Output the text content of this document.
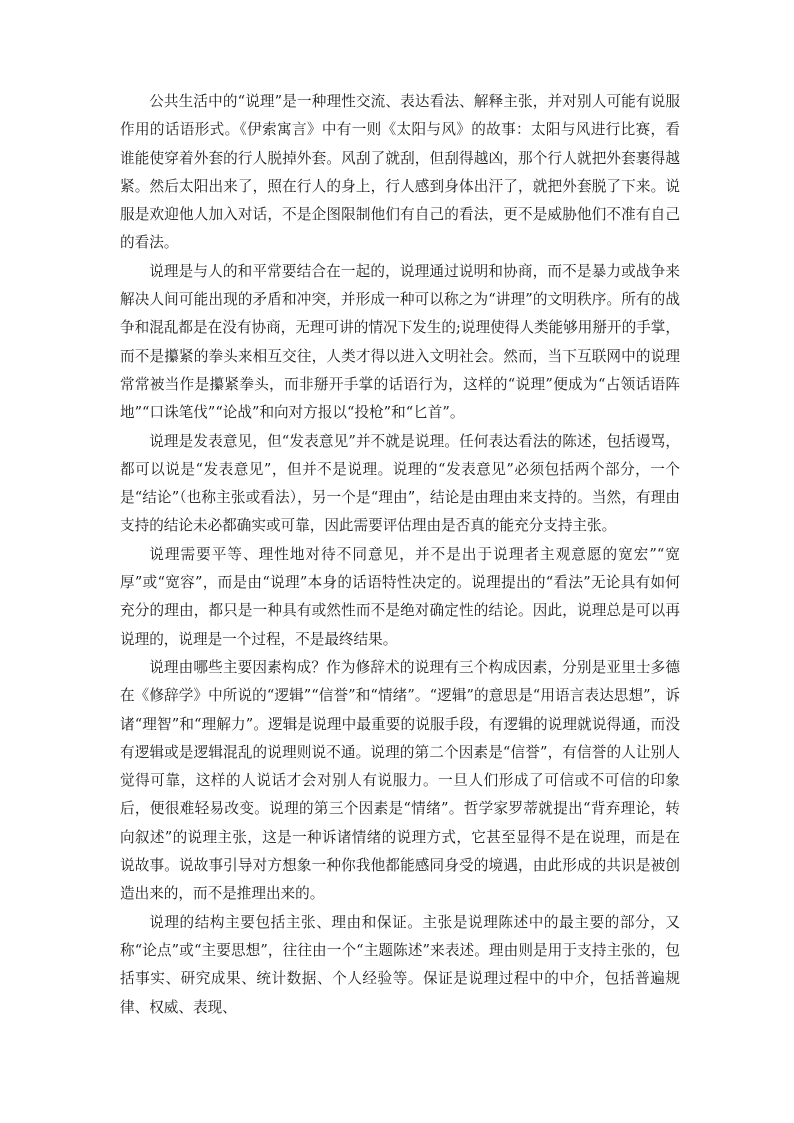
公共生活中的“说理”是一种理性交流、表达看法、解释主张，并对别人可能有说服作用的话语形式。《伊索寓言》中有一则《太阳与风》的故事：太阳与风进行比赛，看谁能使穿着外套的行人脱掉外套。风刮了就刮，但刮得越凶，那个行人就把外套裹得越紧。然后太阳出来了，照在行人的身上，行人感到身体出汗了，就把外套脱了下来。说服是欢迎他人加入对话，不是企图限制他们有自己的看法，更不是威胁他们不准有自己的看法。

说理是与人的和平常要结合在一起的，说理通过说明和协商，而不是暴力或战争来解决人间可能出现的矛盾和冲突，并形成一种可以称之为“讲理”的文明秩序。所有的战争和混乱都是在没有协商，无理可讲的情况下发生的;说理使得人类能够用掰开的手掌，而不是攥紧的拳头来相互交往，人类才得以进入文明社会。然而，当下互联网中的说理常常被当作是攥紧拳头，而非掰开手掌的话语行为，这样的“说理”便成为“占领话语阵地”“口诛笔伐”“论战”和向对方报以“投枪”和“匕首”。

说理是发表意见，但“发表意见”并不就是说理。任何表达看法的陈述，包括谩骂，都可以说是“发表意见”，但并不是说理。说理的“发表意见”必须包括两个部分，一个是“结论”（也称主张或看法），另一个是“理由”，结论是由理由来支持的。当然，有理由支持的结论未必都确实或可靠，因此需要评估理由是否真的能充分支持主张。

说理需要平等、理性地对待不同意见，并不是出于说理者主观意愿的宽宏”“宽厚”或“宽容”，而是由“说理”本身的话语特性决定的。说理提出的“看法”无论具有如何充分的理由，都只是一种具有或然性而不是绝对确定性的结论。因此，说理总是可以再说理的，说理是一个过程，不是最终结果。

说理由哪些主要因素构成？作为修辞术的说理有三个构成因素，分别是亚里士多德在《修辞学》中所说的“逻辑”“信誉”和“情绪”。“逻辑”的意思是“用语言表达思想”，诉诸“理智”和“理解力”。逻辑是说理中最重要的说服手段，有逻辑的说理就说得通，而没有逻辑或是逻辑混乱的说理则说不通。说理的第二个因素是“信誉”，有信誉的人让别人觉得可靠，这样的人说话才会对别人有说服力。一旦人们形成了可信或不可信的印象后，便很难轻易改变。说理的第三个因素是“情绪”。哲学家罗蒂就提出“背弃理论，转向叙述”的说理主张，这是一种诉诸情绪的说理方式，它甚至显得不是在说理，而是在说故事。说故事引导对方想象一种你我他都能感同身受的境遇，由此形成的共识是被创造出来的，而不是推理出来的。

说理的结构主要包括主张、理由和保证。主张是说理陈述中的最主要的部分，又称“论点”或“主要思想”，往往由一个“主题陈述”来表述。理由则是用于支持主张的，包括事实、研究成果、统计数据、个人经验等。保证是说理过程中的中介，包括普遍规律、权威、表现、
